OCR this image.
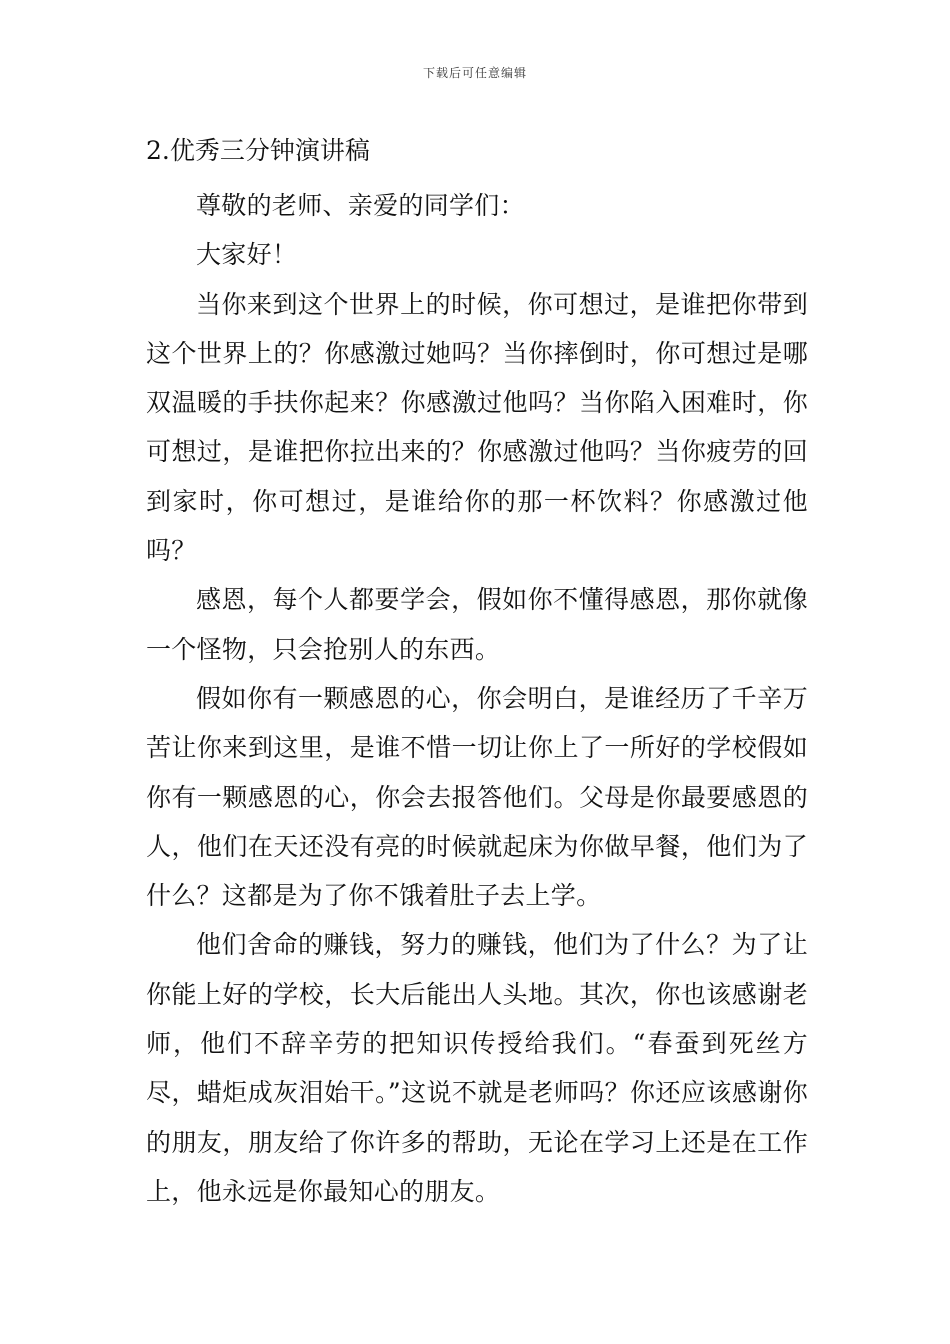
下载后可任意编辑
2.优秀三分钟演讲稿

尊敬的老师、亲爱的同学们：

大家好！

当你来到这个世界上的时候，你可想过，是谁把你带到这个世界上的？你感激过她吗？当你摔倒时，你可想过是哪双温暖的手扶你起来？你感激过他吗？当你陷入困难时，你可想过，是谁把你拉出来的？你感激过他吗？当你疲劳的回到家时，你可想过，是谁给你的那一杯饮料？你感激过他吗？

感恩，每个人都要学会，假如你不懂得感恩，那你就像一个怪物，只会抢别人的东西。

假如你有一颗感恩的心，你会明白，是谁经历了千辛万苦让你来到这里，是谁不惜一切让你上了一所好的学校假如你有一颗感恩的心，你会去报答他们。父母是你最要感恩的人，他们在天还没有亮的时候就起床为你做早餐，他们为了什么？这都是为了你不饿着肚子去上学。

他们舍命的赚钱，努力的赚钱，他们为了什么？为了让你能上好的学校，长大后能出人头地。其次，你也该感谢老师，他们不辞辛劳的把知识传授给我们。“春蚕到死丝方尽，蜡炬成灰泪始干。”这说不就是老师吗？你还应该感谢你的朋友，朋友给了你许多的帮助，无论在学习上还是在工作上，他永远是你最知心的朋友。
